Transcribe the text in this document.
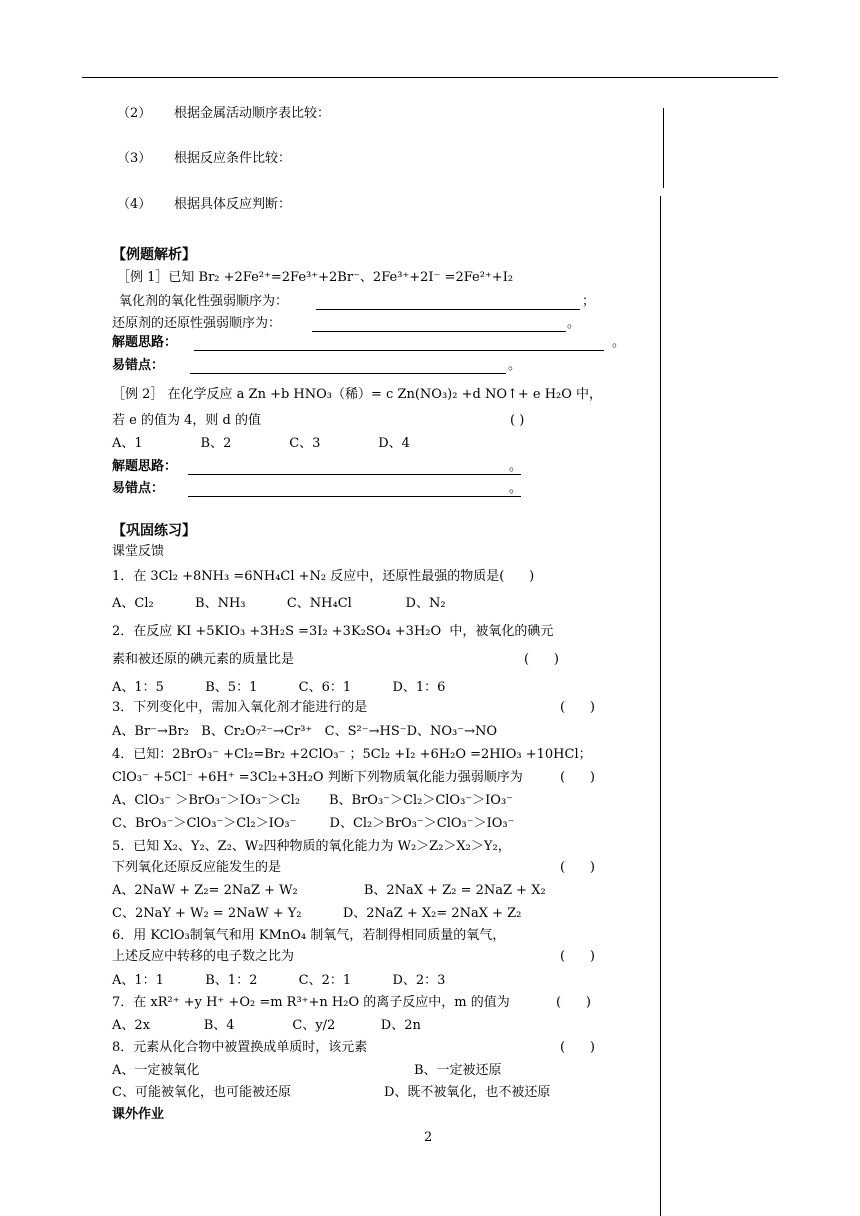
（2） 根据金属活动顺序表比较：
（3） 根据反应条件比较：
（4） 根据具体反应判断：
【例题解析】
［例 1］已知 Br₂ +2Fe²⁺=2Fe³⁺+2Br⁻、2Fe³⁺+2I⁻ =2Fe²⁺+I₂
氧化剂的氧化性强弱顺序为：	；
还原剂的还原性强弱顺序为：	。
解题思路：	。
易错点：	。
［例 2］ 在化学反应 a Zn +b HNO₃（稀）= c Zn(NO₃)₂ +d NO↑+ e H₂O 中，
若 e 的值为 4，则 d 的值	( )
A、1              B、2              C、3              D、4
解题思路：	。
易错点：	。
【巩固练习】
课堂反馈
1．在 3Cl₂ +8NH₃ =6NH₄Cl +N₂ 反应中，还原性最强的物质是(      )
A、Cl₂          B、NH₃          C、NH₄Cl             D、N₂
2．在反应 KI +5KIO₃ +3H₂S =3I₂ +3K₂SO₄ +3H₂O  中，被氧化的碘元
素和被还原的碘元素的质量比是	(      )
A、1：5          B、5：1          C、6：1          D、1：6
3．下列变化中，需加入氧化剂才能进行的是	(      )
A、Br⁻→Br₂   B、Cr₂O₇²⁻→Cr³⁺   C、S²⁻→HS⁻D、NO₃⁻→NO
4．已知：2BrO₃⁻ +Cl₂=Br₂ +2ClO₃⁻ ；5Cl₂ +I₂ +6H₂O =2HIO₃ +10HCl；
ClO₃⁻ +5Cl⁻ +6H⁺ =3Cl₂+3H₂O 判断下列物质氧化能力强弱顺序为	(      )
A、ClO₃⁻ ＞BrO₃⁻＞IO₃⁻＞Cl₂       B、BrO₃⁻＞Cl₂＞ClO₃⁻＞IO₃⁻
C、BrO₃⁻＞ClO₃⁻＞Cl₂＞IO₃⁻        D、Cl₂＞BrO₃⁻＞ClO₃⁻＞IO₃⁻
5．已知 X₂、Y₂、Z₂、W₂四种物质的氧化能力为 W₂＞Z₂＞X₂＞Y₂，
下列氧化还原反应能发生的是	(      )
A、2NaW + Z₂= 2NaZ + W₂                B、2NaX + Z₂ = 2NaZ + X₂
C、2NaY + W₂ = 2NaW + Y₂          D、2NaZ + X₂= 2NaX + Z₂
6．用 KClO₃制氧气和用 KMnO₄ 制氧气，若制得相同质量的氧气，
上述反应中转移的电子数之比为	(      )
A、1：1          B、1：2          C、2：1          D、2：3
7．在 xR²⁺ +y H⁺ +O₂ =m R³⁺+n H₂O 的离子反应中，m 的值为	(      )
A、2x             B、4              C、y/2           D、2n
8．元素从化合物中被置换成单质时，该元素	(      )
A、一定被氧化	B、一定被还原
C、可能被氧化，也可能被还原	D、既不被氧化，也不被还原
课外作业
2
